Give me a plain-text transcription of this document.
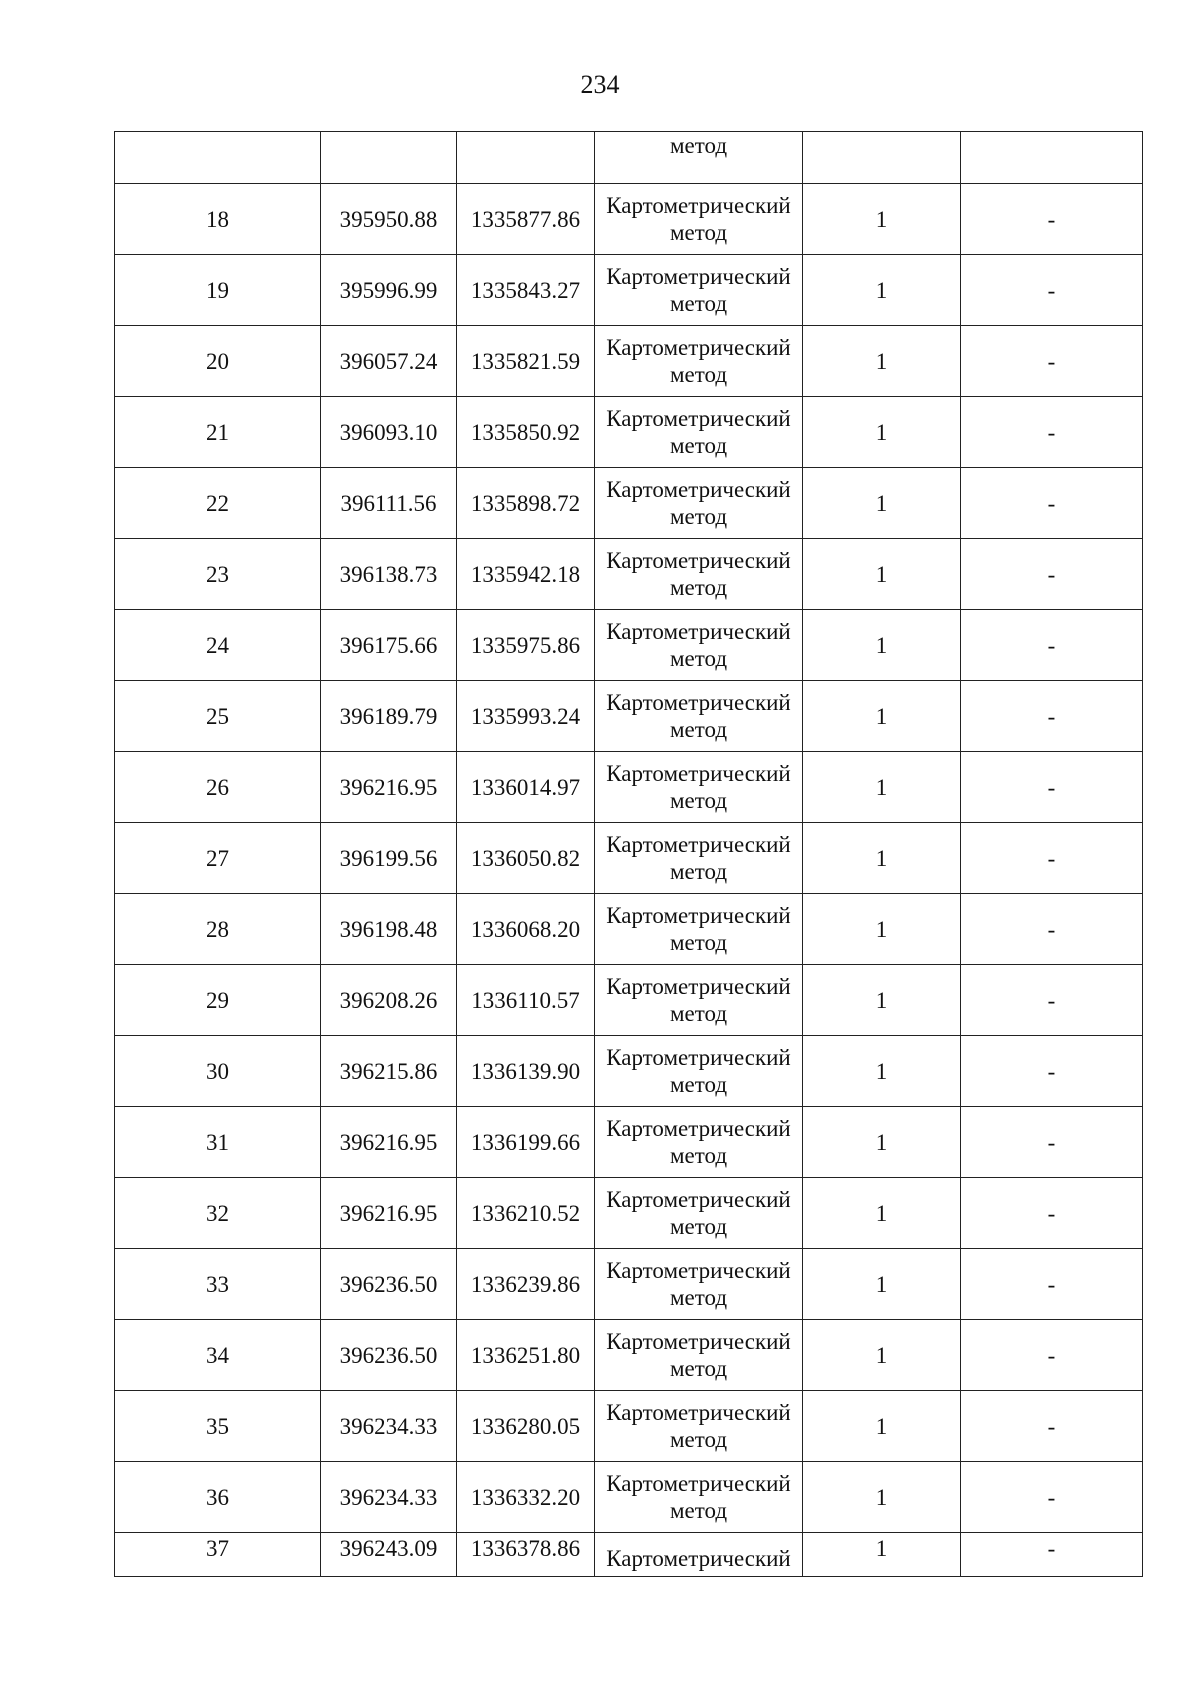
234
			метод		
18	395950.88	1335877.86	Картометрический
метод	1	-
19	395996.99	1335843.27	Картометрический
метод	1	-
20	396057.24	1335821.59	Картометрический
метод	1	-
21	396093.10	1335850.92	Картометрический
метод	1	-
22	396111.56	1335898.72	Картометрический
метод	1	-
23	396138.73	1335942.18	Картометрический
метод	1	-
24	396175.66	1335975.86	Картометрический
метод	1	-
25	396189.79	1335993.24	Картометрический
метод	1	-
26	396216.95	1336014.97	Картометрический
метод	1	-
27	396199.56	1336050.82	Картометрический
метод	1	-
28	396198.48	1336068.20	Картометрический
метод	1	-
29	396208.26	1336110.57	Картометрический
метод	1	-
30	396215.86	1336139.90	Картометрический
метод	1	-
31	396216.95	1336199.66	Картометрический
метод	1	-
32	396216.95	1336210.52	Картометрический
метод	1	-
33	396236.50	1336239.86	Картометрический
метод	1	-
34	396236.50	1336251.80	Картометрический
метод	1	-
35	396234.33	1336280.05	Картометрический
метод	1	-
36	396234.33	1336332.20	Картометрический
метод	1	-
37	396243.09	1336378.86	Картометрический	1	-
